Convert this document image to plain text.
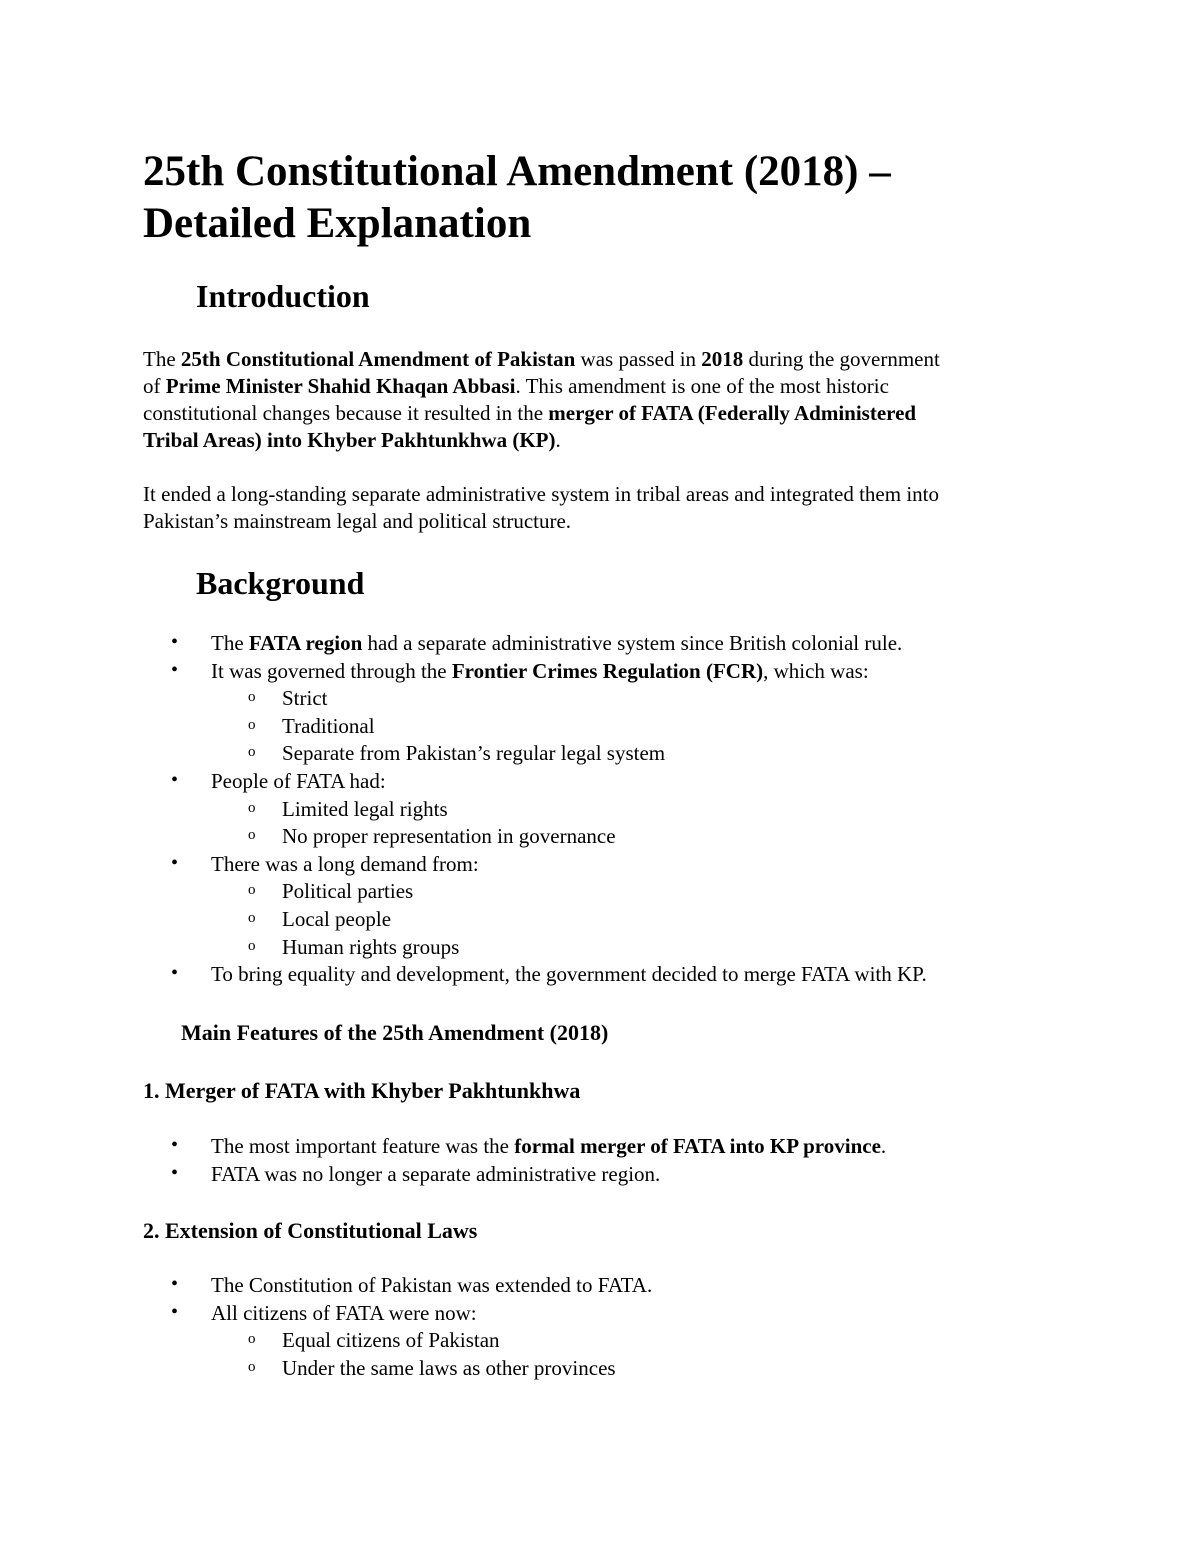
25th Constitutional Amendment (2018) –
Detailed Explanation
Introduction
The 25th Constitutional Amendment of Pakistan was passed in 2018 during the government
of Prime Minister Shahid Khaqan Abbasi. This amendment is one of the most historic
constitutional changes because it resulted in the merger of FATA (Federally Administered
Tribal Areas) into Khyber Pakhtunkhwa (KP).
It ended a long-standing separate administrative system in tribal areas and integrated them into
Pakistan’s mainstream legal and political structure.
Background
• The FATA region had a separate administrative system since British colonial rule.
• It was governed through the Frontier Crimes Regulation (FCR), which was:
o Strict
o Traditional
o Separate from Pakistan’s regular legal system
• People of FATA had:
o Limited legal rights
o No proper representation in governance
• There was a long demand from:
o Political parties
o Local people
o Human rights groups
• To bring equality and development, the government decided to merge FATA with KP.
Main Features of the 25th Amendment (2018)
1. Merger of FATA with Khyber Pakhtunkhwa
• The most important feature was the formal merger of FATA into KP province.
• FATA was no longer a separate administrative region.
2. Extension of Constitutional Laws
• The Constitution of Pakistan was extended to FATA.
• All citizens of FATA were now:
o Equal citizens of Pakistan
o Under the same laws as other provinces
